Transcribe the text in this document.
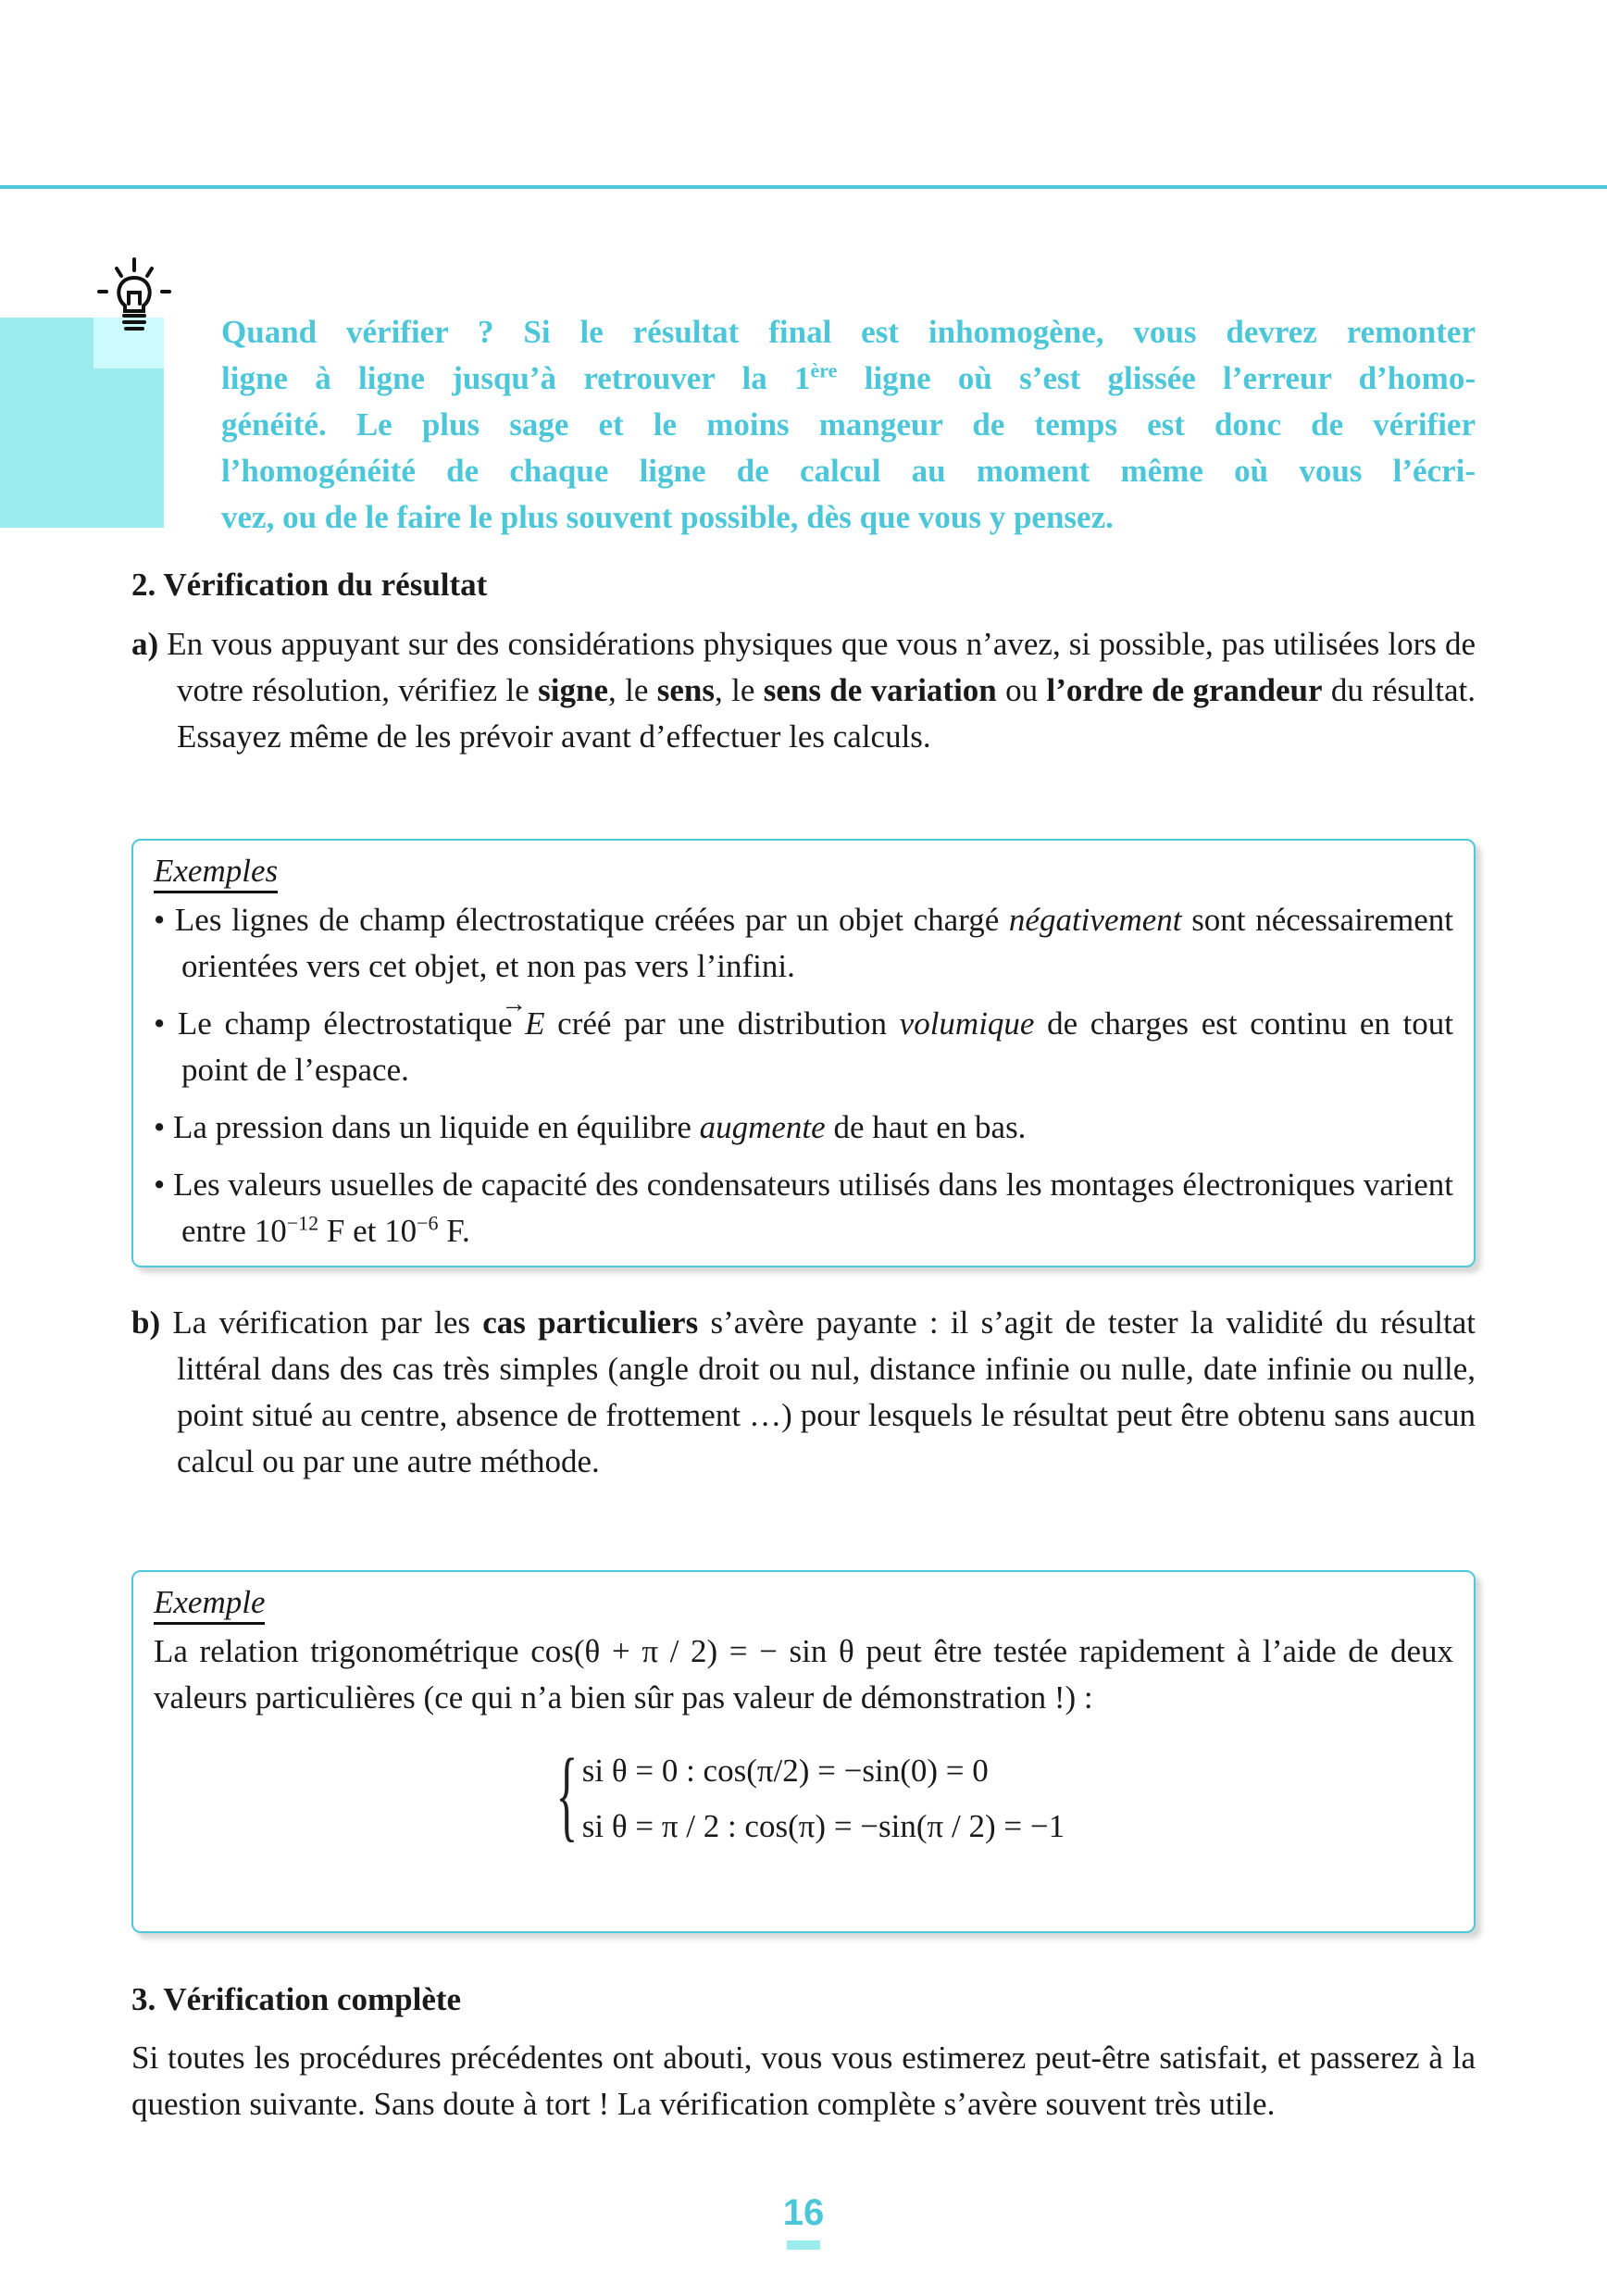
Quand vérifier ? Si le résultat final est inhomogène, vous devrez remonter
ligne à ligne jusqu’à retrouver la 1ère ligne où s’est glissée l’erreur d’homo-
généité. Le plus sage et le moins mangeur de temps est donc de vérifier
l’homogénéité de chaque ligne de calcul au moment même où vous l’écri-
vez, ou de le faire le plus souvent possible, dès que vous y pensez.
2. Vérification du résultat
a) En vous appuyant sur des considérations physiques que vous n’avez, si possible, pas utilisées lors de votre résolution, vérifiez le signe, le sens, le sens de variation ou l’ordre de grandeur du résultat. Essayez même de les prévoir avant d’effectuer les calculs.
Exemples
• Les lignes de champ électrostatique créées par un objet chargé négativement sont nécessairement orientées vers cet objet, et non pas vers l’infini.
• Le champ électrostatique → E créé par une distribution volumique de charges est continu en tout point de l’espace.
• La pression dans un liquide en équilibre augmente de haut en bas.
• Les valeurs usuelles de capacité des condensateurs utilisés dans les montages électroniques varient entre $10^{-12}$ F et $10^{-6}$ F.
b) La vérification par les cas particuliers s’avère payante : il s’agit de tester la validité du résultat littéral dans des cas très simples (angle droit ou nul, distance infinie ou nulle, date infinie ou nulle, point situé au centre, absence de frottement …) pour lesquels le résultat peut être obtenu sans aucun calcul ou par une autre méthode.
Exemple
La relation trigonométrique cos(θ + π / 2) = − sin θ peut être testée rapidement à l’aide de deux valeurs particulières (ce qui n’a bien sûr pas valeur de démonstration !) :
{ si θ = 0 : cos(π/2) = −sin(0) = 0
si θ = π / 2 : cos(π) = −sin(π / 2) = −1
3. Vérification complète
Si toutes les procédures précédentes ont abouti, vous vous estimerez peut-être satisfait, et passerez à la question suivante. Sans doute à tort ! La vérification complète s’avère souvent très utile.
16
